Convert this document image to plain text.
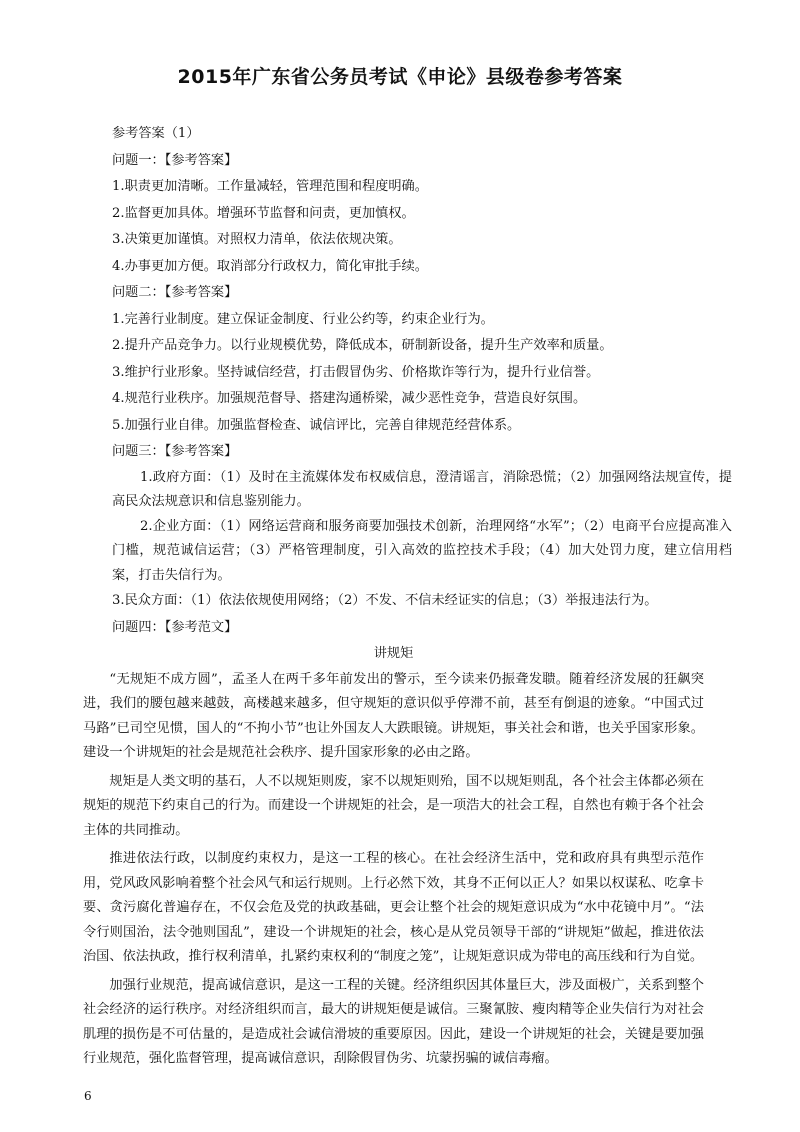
2015年广东省公务员考试《申论》县级卷参考答案

参考答案（1）

问题一：【参考答案】

1.职责更加清晰。工作量减轻，管理范围和程度明确。

2.监督更加具体。增强环节监督和问责，更加慎权。

3.决策更加谨慎。对照权力清单，依法依规决策。

4.办事更加方便。取消部分行政权力，简化审批手续。

问题二：【参考答案】

1.完善行业制度。建立保证金制度、行业公约等，约束企业行为。

2.提升产品竞争力。以行业规模优势，降低成本，研制新设备，提升生产效率和质量。

3.维护行业形象。坚持诚信经营，打击假冒伪劣、价格欺诈等行为，提升行业信誉。

4.规范行业秩序。加强规范督导、搭建沟通桥梁，减少恶性竞争，营造良好氛围。

5.加强行业自律。加强监督检查、诚信评比，完善自律规范经营体系。

问题三：【参考答案】

1.政府方面：（1）及时在主流媒体发布权威信息，澄清谣言，消除恐慌；（2）加强网络法规宣传，提高民众法规意识和信息鉴别能力。

2.企业方面：（1）网络运营商和服务商要加强技术创新，治理网络“水军”；（2）电商平台应提高准入门槛，规范诚信运营；（3）严格管理制度，引入高效的监控技术手段；（4）加大处罚力度，建立信用档案，打击失信行为。

3.民众方面：（1）依法依规使用网络；（2）不发、不信未经证实的信息；（3）举报违法行为。

问题四：【参考范文】

讲规矩

“无规矩不成方圆”，孟圣人在两千多年前发出的警示，至今读来仍振聋发聩。随着经济发展的狂飙突进，我们的腰包越来越鼓，高楼越来越多，但守规矩的意识似乎停滞不前，甚至有倒退的迹象。“中国式过马路”已司空见惯，国人的“不拘小节”也让外国友人大跌眼镜。讲规矩，事关社会和谐，也关乎国家形象。建设一个讲规矩的社会是规范社会秩序、提升国家形象的必由之路。

规矩是人类文明的基石，人不以规矩则废，家不以规矩则殆，国不以规矩则乱，各个社会主体都必须在规矩的规范下约束自己的行为。而建设一个讲规矩的社会，是一项浩大的社会工程，自然也有赖于各个社会主体的共同推动。

推进依法行政，以制度约束权力，是这一工程的核心。在社会经济生活中，党和政府具有典型示范作用，党风政风影响着整个社会风气和运行规则。上行必然下效，其身不正何以正人？如果以权谋私、吃拿卡要、贪污腐化普遍存在，不仅会危及党的执政基础，更会让整个社会的规矩意识成为“水中花镜中月”。“法令行则国治，法令弛则国乱”，建设一个讲规矩的社会，核心是从党员领导干部的“讲规矩”做起，推进依法治国、依法执政，推行权利清单，扎紧约束权利的“制度之笼”，让规矩意识成为带电的高压线和行为自觉。

加强行业规范，提高诚信意识，是这一工程的关键。经济组织因其体量巨大，涉及面极广，关系到整个社会经济的运行秩序。对经济组织而言，最大的讲规矩便是诚信。三聚氰胺、瘦肉精等企业失信行为对社会肌理的损伤是不可估量的，是造成社会诚信滑坡的重要原因。因此，建设一个讲规矩的社会，关键是要加强行业规范，强化监督管理，提高诚信意识，刮除假冒伪劣、坑蒙拐骗的诚信毒瘤。

6
